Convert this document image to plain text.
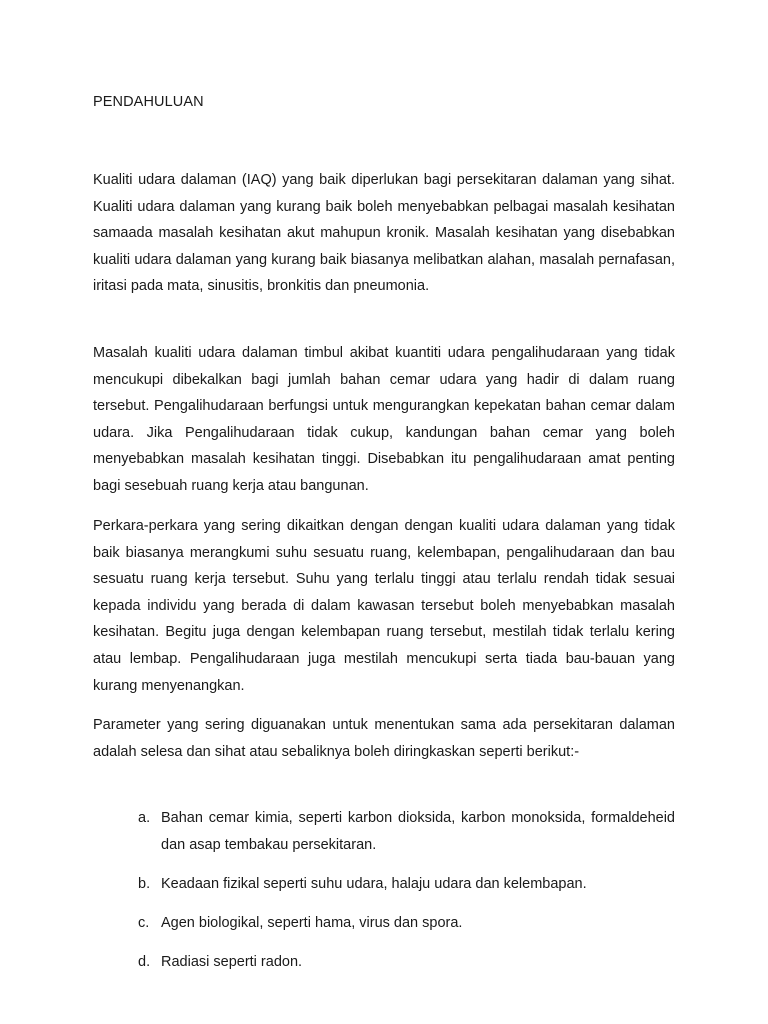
PENDAHULUAN

Kualiti udara dalaman (IAQ) yang baik diperlukan bagi persekitaran dalaman yang sihat. Kualiti udara dalaman yang kurang baik boleh menyebabkan pelbagai masalah kesihatan samaada masalah kesihatan akut mahupun kronik. Masalah kesihatan yang disebabkan kualiti udara dalaman yang kurang baik biasanya melibatkan alahan, masalah pernafasan, iritasi pada mata, sinusitis, bronkitis dan pneumonia.

Masalah kualiti udara dalaman timbul akibat kuantiti udara pengalihudaraan yang tidak mencukupi dibekalkan bagi jumlah bahan cemar udara yang hadir di dalam ruang tersebut. Pengalihudaraan berfungsi untuk mengurangkan kepekatan bahan cemar dalam udara. Jika Pengalihudaraan tidak cukup, kandungan bahan cemar yang boleh menyebabkan masalah kesihatan tinggi. Disebabkan itu pengalihudaraan amat penting bagi sesebuah ruang kerja atau bangunan.

Perkara-perkara yang sering dikaitkan dengan dengan kualiti udara dalaman yang tidak baik biasanya merangkumi suhu sesuatu ruang, kelembapan, pengalihudaraan dan bau sesuatu ruang kerja tersebut. Suhu yang terlalu tinggi atau terlalu rendah tidak sesuai kepada individu yang berada di dalam kawasan tersebut boleh menyebabkan masalah kesihatan. Begitu juga dengan kelembapan ruang tersebut, mestilah tidak terlalu kering atau lembap. Pengalihudaraan juga mestilah mencukupi serta tiada bau-bauan yang kurang menyenangkan.

Parameter yang sering diguanakan untuk menentukan sama ada persekitaran dalaman adalah selesa dan sihat atau sebaliknya boleh diringkaskan seperti berikut:-

a. Bahan cemar kimia, seperti karbon dioksida, karbon monoksida, formaldeheid dan asap tembakau persekitaran.
b. Keadaan fizikal seperti suhu udara, halaju udara dan kelembapan.
c. Agen biologikal, seperti hama, virus dan spora.
d. Radiasi seperti radon.
